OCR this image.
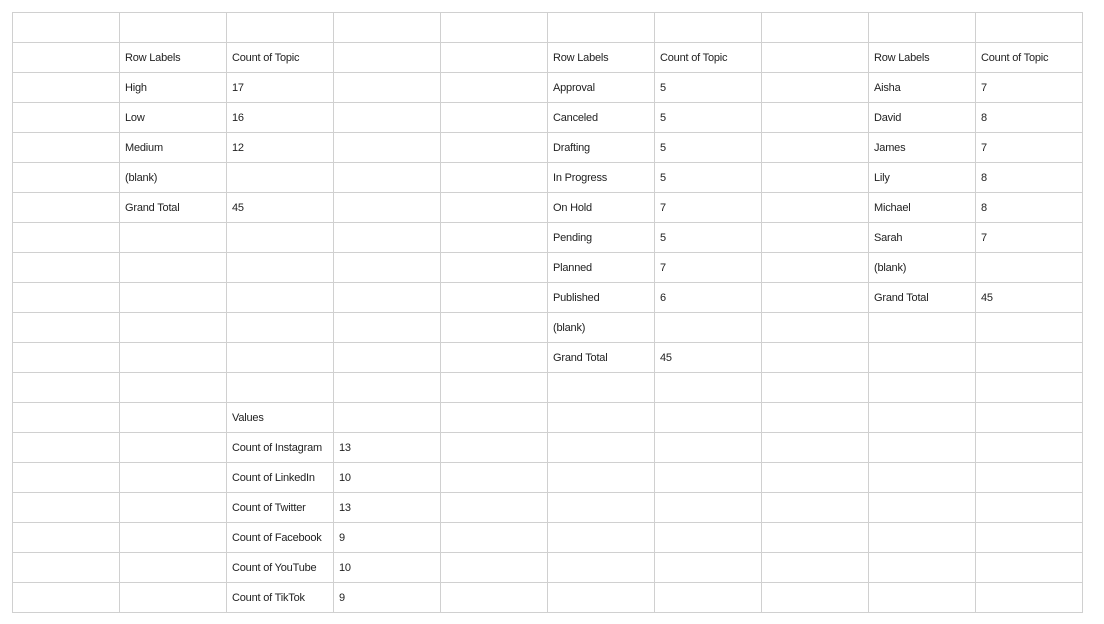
	Row Labels	Count of Topic			Row Labels	Count of Topic		Row Labels	Count of Topic
	High	17			Approval	5		Aisha	7
	Low	16			Canceled	5		David	8
	Medium	12			Drafting	5		James	7
	(blank)				In Progress	5		Lily	8
	Grand Total	45			On Hold	7		Michael	8
					Pending	5		Sarah	7
					Planned	7		(blank)	
					Published	6		Grand Total	45
					(blank)				
					Grand Total	45			

		Values							
		Count of Instagram	13						
		Count of LinkedIn	10						
		Count of Twitter	13						
		Count of Facebook	9						
		Count of YouTube	10						
		Count of TikTok	9						
